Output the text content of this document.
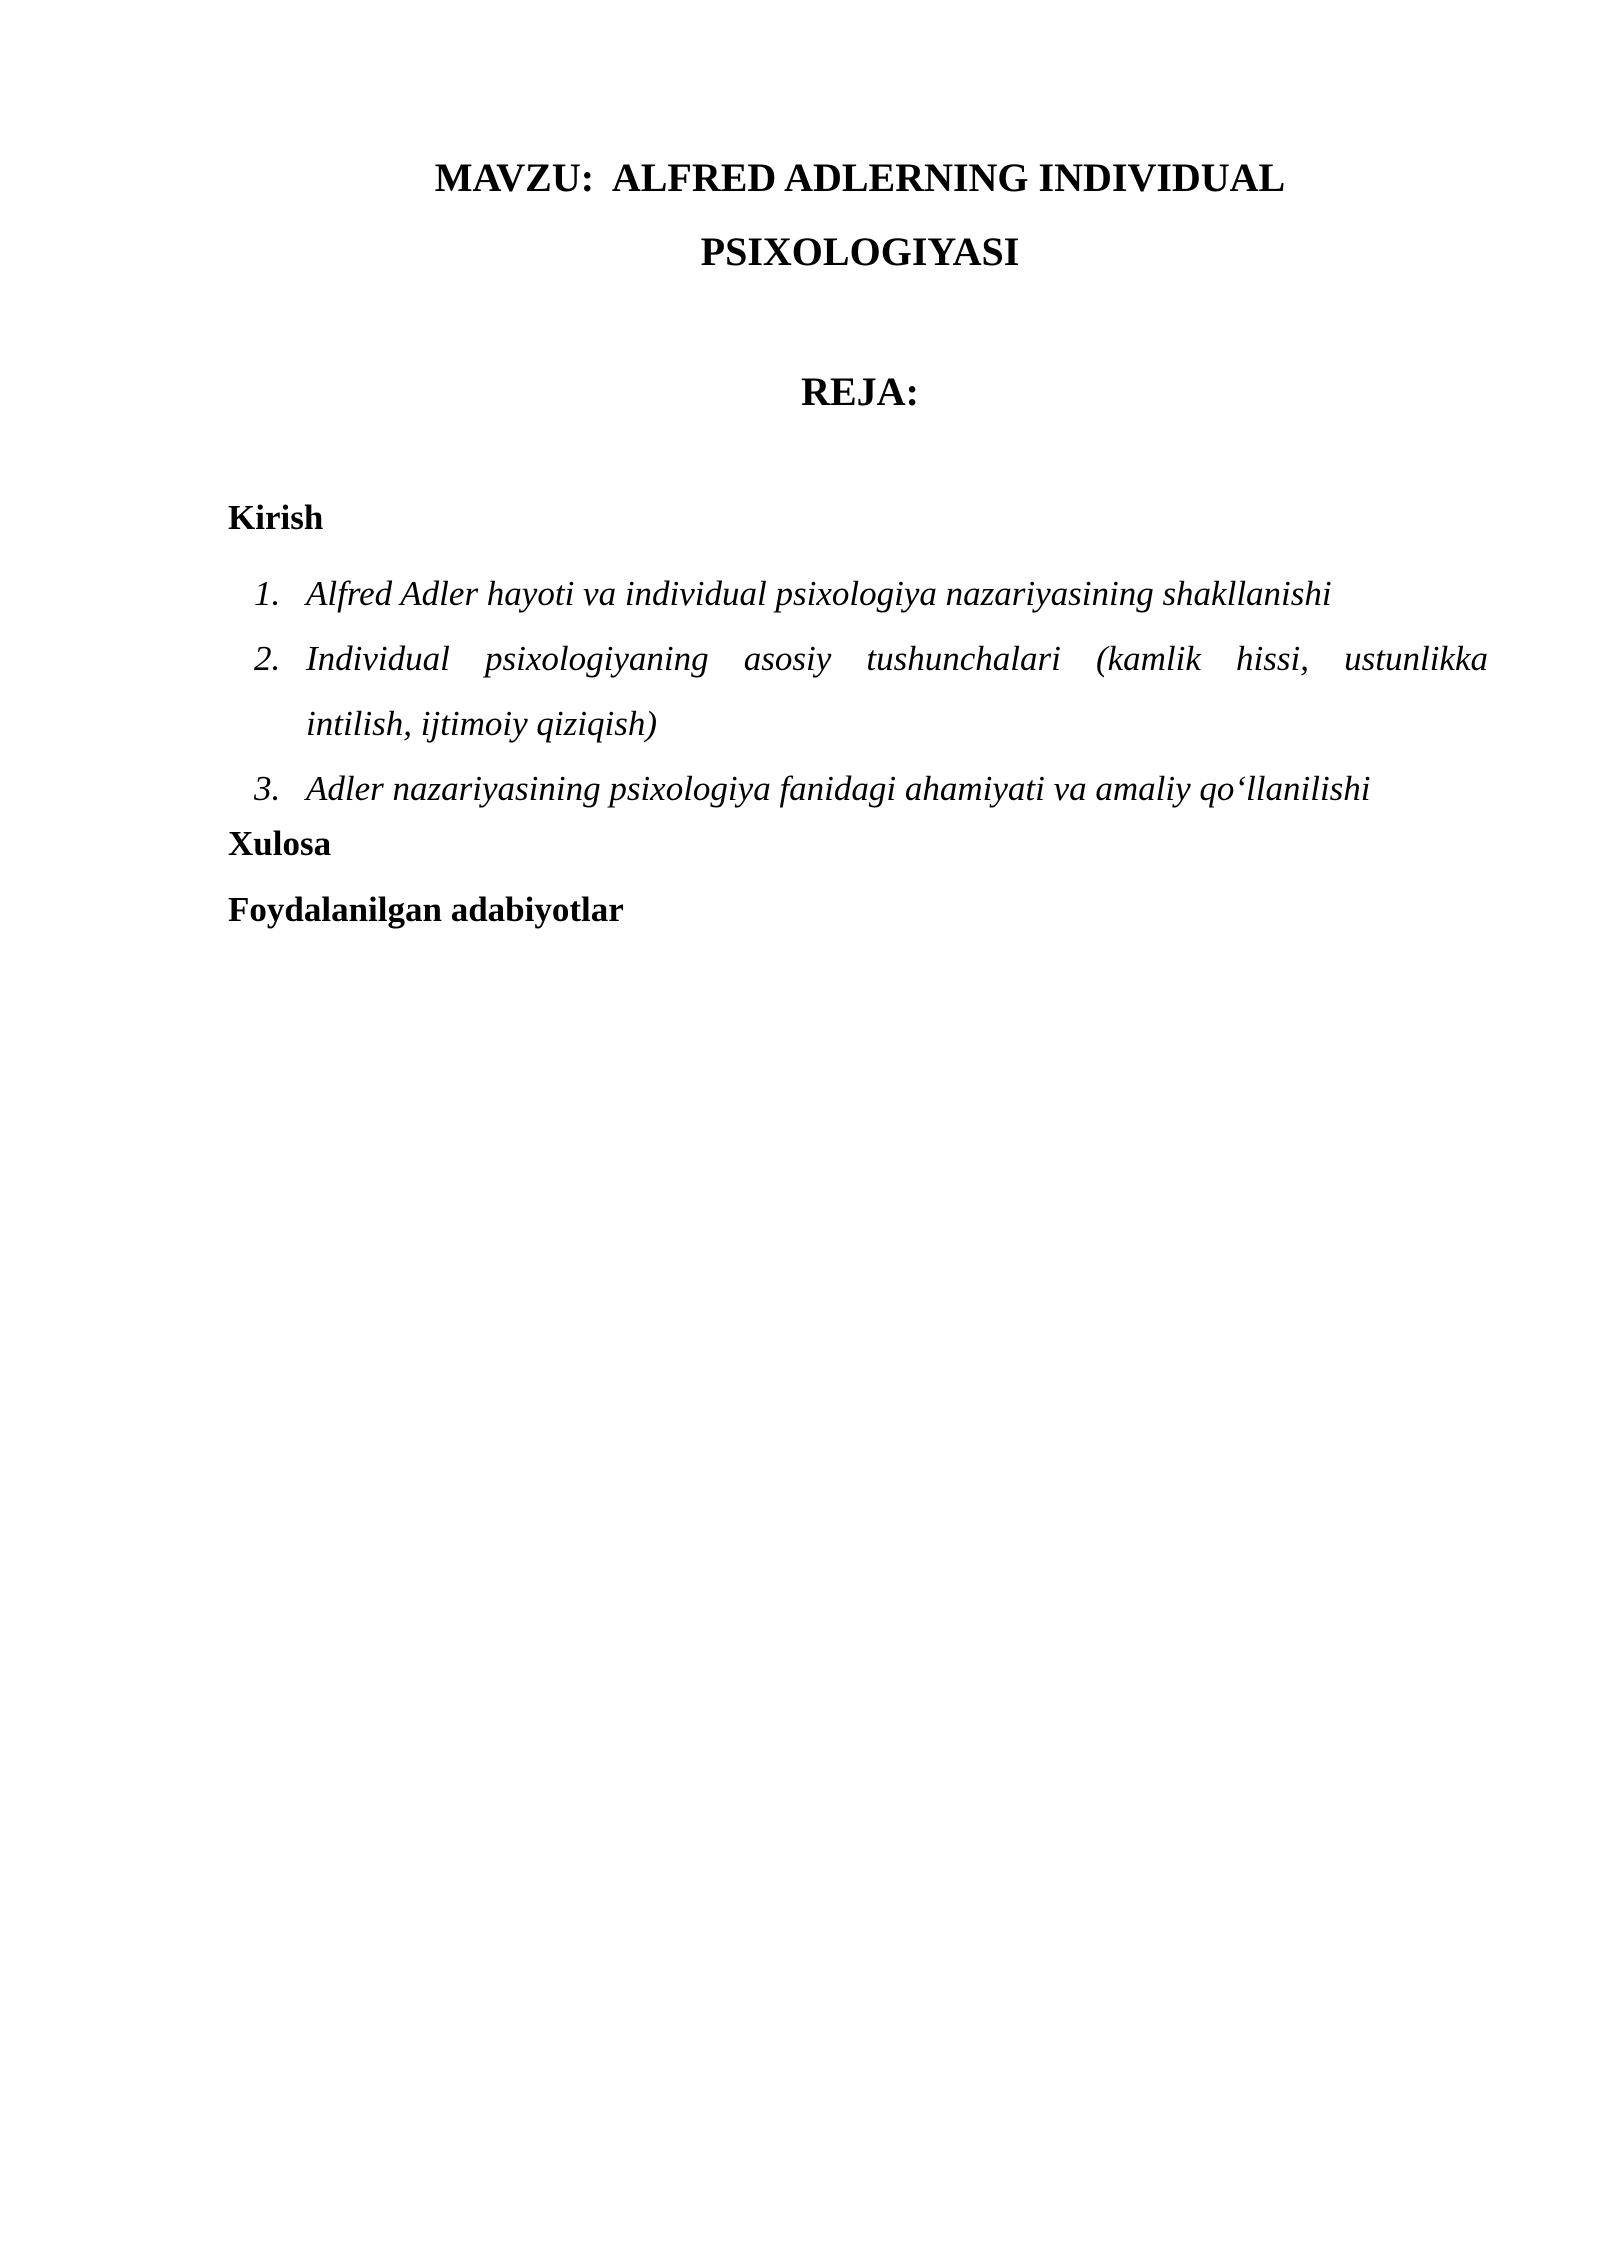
MAVZU:  ALFRED ADLERNING INDIVIDUAL
PSIXOLOGIYASI
REJA:
Kirish
1. Alfred Adler hayoti va individual psixologiya nazariyasining shakllanishi
2. Individual psixologiyaning asosiy tushunchalari (kamlik hissi, ustunlikka
intilish, ijtimoiy qiziqish)
3. Adler nazariyasining psixologiya fanidagi ahamiyati va amaliy qo‘llanilishi
Xulosa
Foydalanilgan adabiyotlar
